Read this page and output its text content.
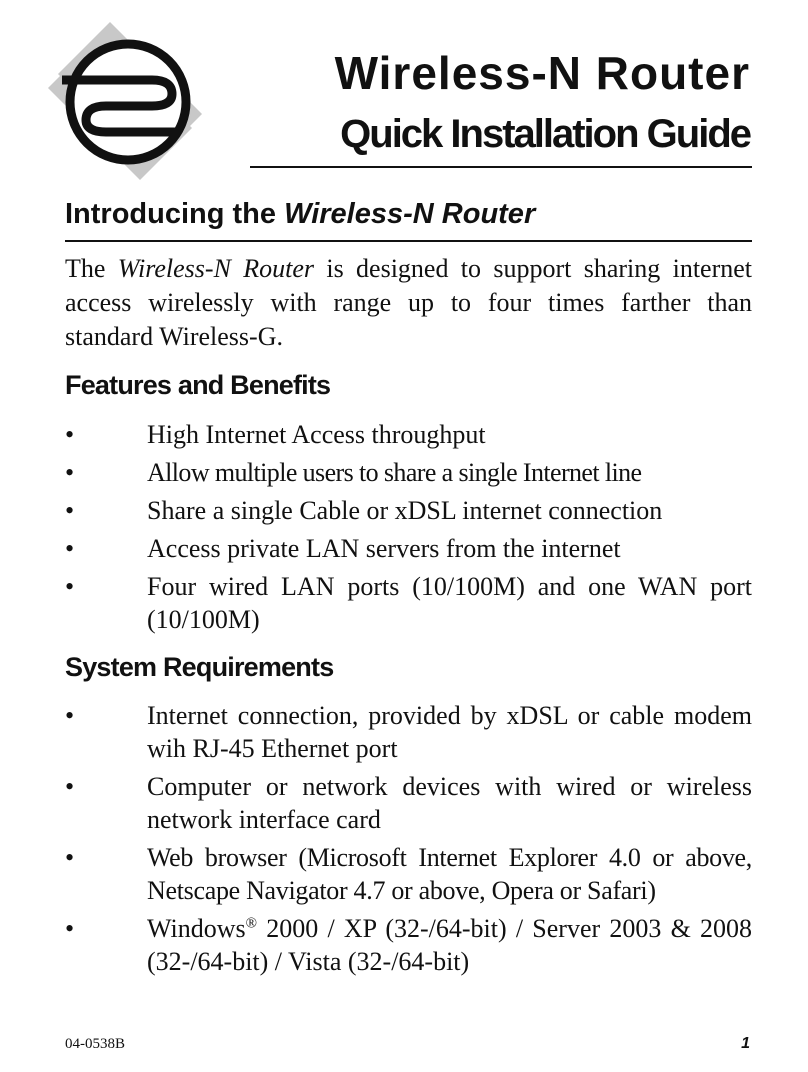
Wireless-N Router
Quick Installation Guide
Introducing the Wireless-N Router
The Wireless-N Router is designed to support sharing internet access wirelessly with range up to four times farther than standard Wireless-G.
Features and Benefits
•	High Internet Access throughput
•	Allow multiple users to share a single Internet line
•	Share a single Cable or xDSL internet connection
•	Access private LAN servers from the internet
•	Four wired LAN ports (10/100M) and one WAN port (10/100M)
System Requirements
•	Internet connection, provided by xDSL or cable modem wih RJ-45 Ethernet port
•	Computer or network devices with wired or wireless network interface card
•	Web browser (Microsoft Internet Explorer 4.0 or above, Netscape Navigator 4.7 or above, Opera or Safari)
•	Windows® 2000 / XP (32-/64-bit) / Server 2003 & 2008 (32-/64-bit) / Vista (32-/64-bit)
04-0538B	1
